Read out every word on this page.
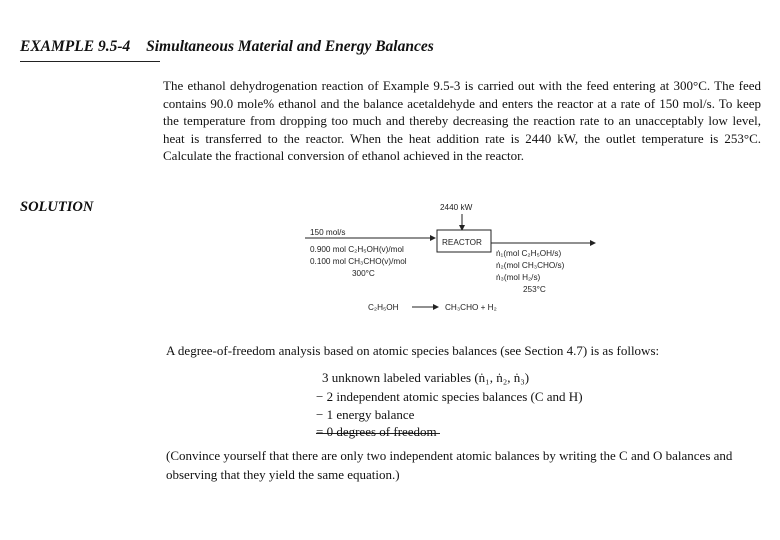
EXAMPLE 9.5-4 Simultaneous Material and Energy Balances
The ethanol dehydrogenation reaction of Example 9.5-3 is carried out with the feed entering at 300°C. The feed contains 90.0 mole% ethanol and the balance acetaldehyde and enters the reactor at a rate of 150 mol/s. To keep the temperature from dropping too much and thereby decreasing the reaction rate to an unacceptably low level, heat is transferred to the reactor. When the heat addition rate is 2440 kW, the outlet temperature is 253°C. Calculate the fractional conversion of ethanol achieved in the reactor.
SOLUTION	2440 kW
REACTOR
150 mol/s
0.900 mol C₂H₅OH(v)/mol
0.100 mol CH₃CHO(v)/mol
300°C
ṅ₁(mol C₂H₅OH/s)
ṅ₂(mol CH₃CHO/s)
ṅ₃(mol H₂/s)
253°C
C₂H₅OH	CH₃CHO + H₂
A degree-of-freedom analysis based on atomic species balances (see Section 4.7) is as follows:
3 unknown labeled variables (ṅ₁, ṅ₂, ṅ₃)
− 2 independent atomic species balances (C and H)
− 1 energy balance
= 0 degrees of freedom
(Convince yourself that there are only two independent atomic balances by writing the C and O balances and observing that they yield the same equation.)
